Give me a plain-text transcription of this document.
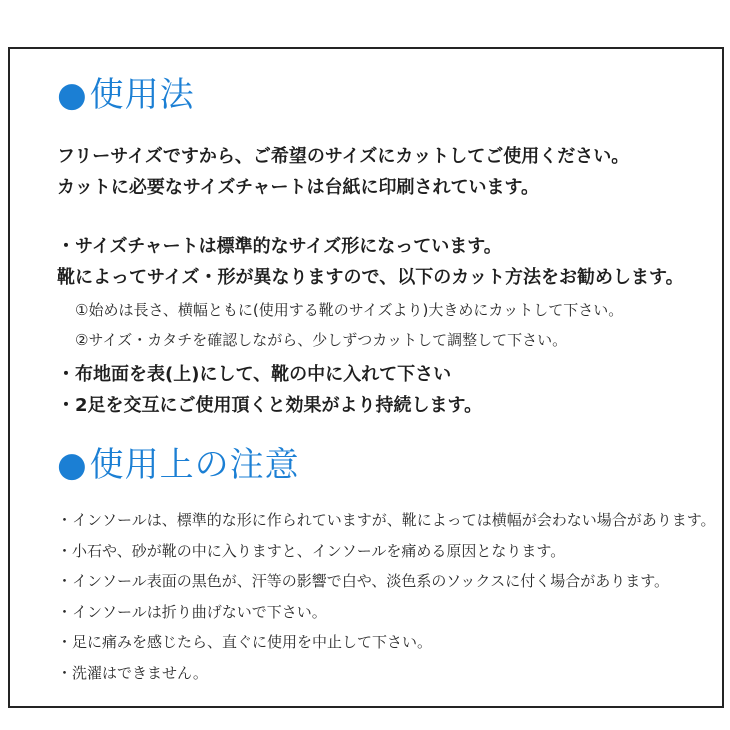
●使用法
フリーサイズですから、ご希望のサイズにカットしてご使用ください。
カットに必要なサイズチャートは台紙に印刷されています。
・サイズチャートは標準的なサイズ形になっています。
靴によってサイズ・形が異なりますので、以下のカット方法をお勧めします。
①始めは長さ、横幅ともに(使用する靴のサイズより)大きめにカットして下さい。
②サイズ・カタチを確認しながら、少しずつカットして調整して下さい。
・布地面を表(上)にして、靴の中に入れて下さい
・2足を交互にご使用頂くと効果がより持続します。
●使用上の注意
・インソールは、標準的な形に作られていますが、靴によっては横幅が会わない場合があります。
・小石や、砂が靴の中に入りますと、インソールを痛める原因となります。
・インソール表面の黒色が、汗等の影響で白や、淡色系のソックスに付く場合があります。
・インソールは折り曲げないで下さい。
・足に痛みを感じたら、直ぐに使用を中止して下さい。
・洗濯はできません。
